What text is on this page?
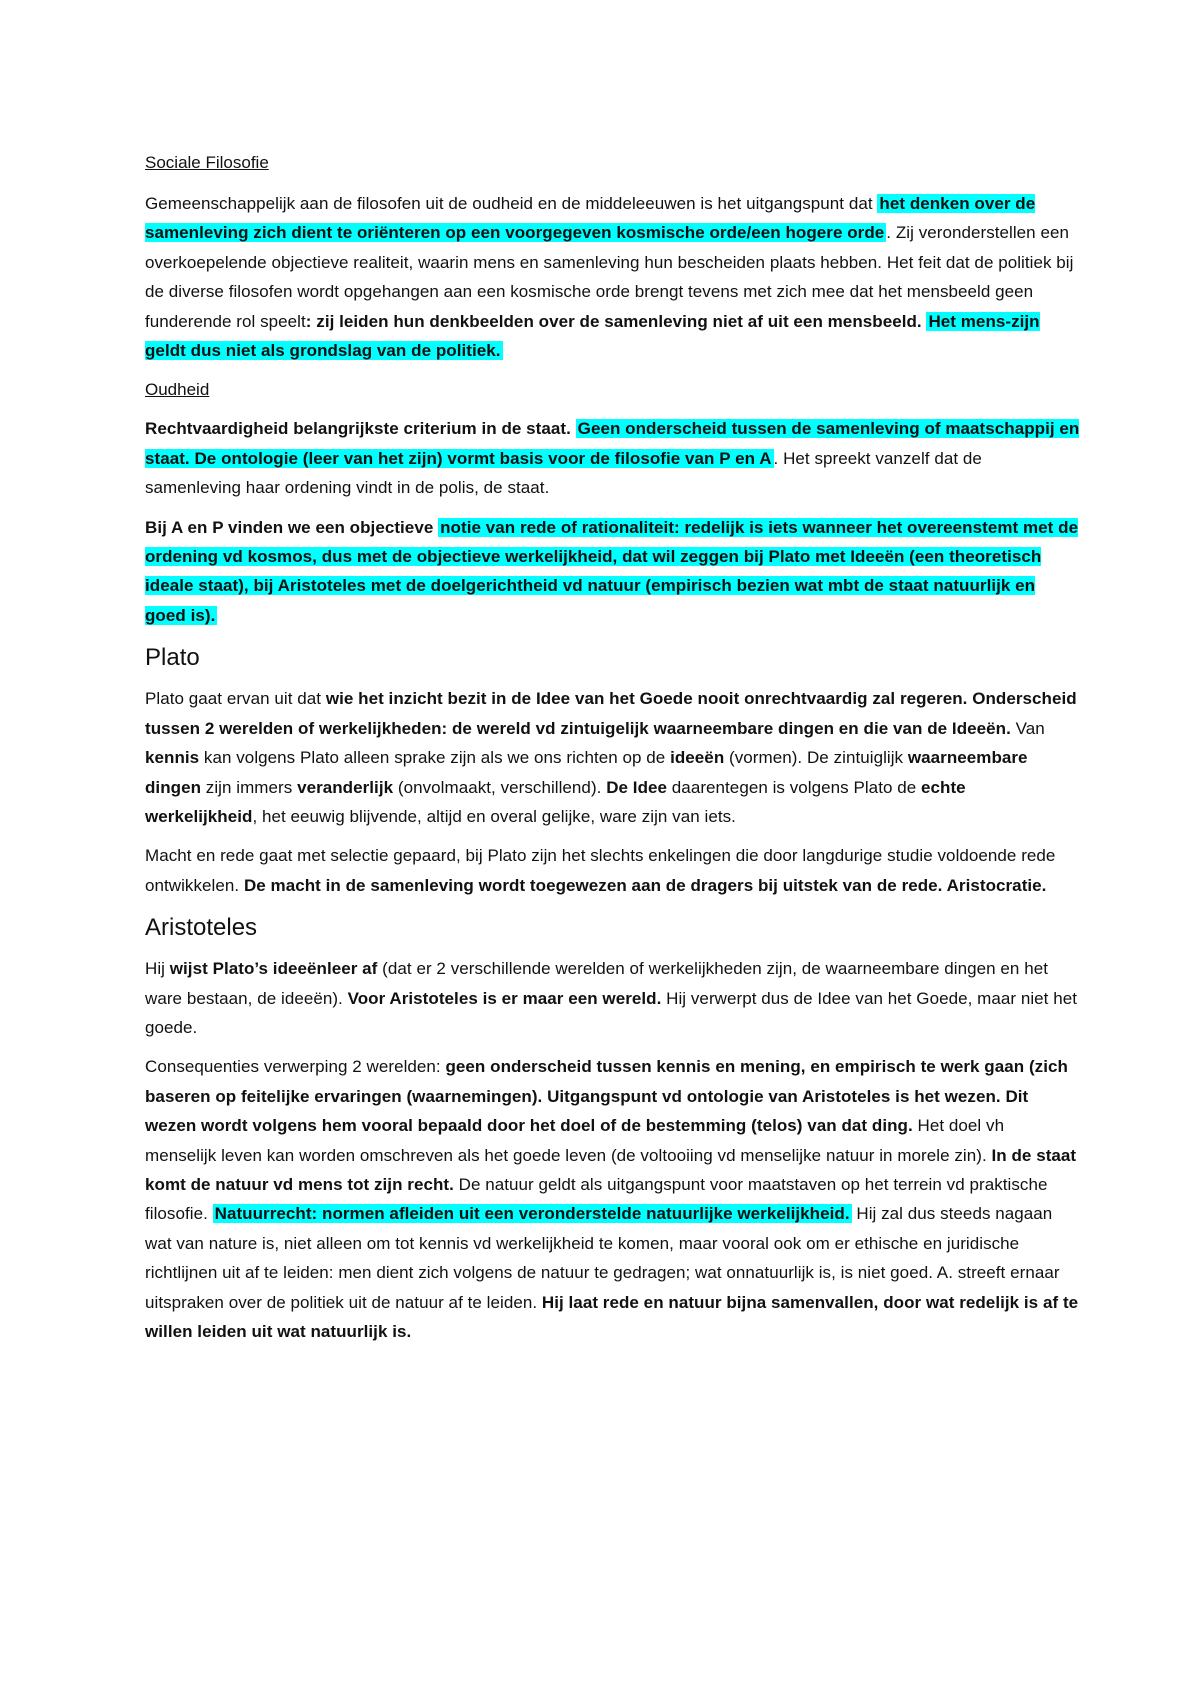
Sociale Filosofie

Gemeenschappelijk aan de filosofen uit de oudheid en de middeleeuwen is het uitgangspunt dat het denken over de samenleving zich dient te oriënteren op een voorgegeven kosmische orde/een hogere orde . Zij veronderstellen een overkoepelende objectieve realiteit, waarin mens en samenleving hun bescheiden plaats hebben. Het feit dat de politiek bij de diverse filosofen wordt opgehangen aan een kosmische orde brengt tevens met zich mee dat het mensbeeld geen funderende rol speelt: zij leiden hun denkbeelden over de samenleving niet af uit een mensbeeld. Het mens-zijn geldt dus niet als grondslag van de politiek.

Oudheid

Rechtvaardigheid belangrijkste criterium in de staat. Geen onderscheid tussen de samenleving of maatschappij en staat. De ontologie (leer van het zijn) vormt basis voor de filosofie van P en A . Het spreekt vanzelf dat de samenleving haar ordening vindt in de polis, de staat.

Bij A en P vinden we een objectieve notie van rede of rationaliteit: redelijk is iets wanneer het overeenstemt met de ordening vd kosmos, dus met de objectieve werkelijkheid, dat wil zeggen bij Plato met Ideeën (een theoretisch ideale staat), bij Aristoteles met de doelgerichtheid vd natuur (empirisch bezien wat mbt de staat natuurlijk en goed is).

Plato

Plato gaat ervan uit dat wie het inzicht bezit in de Idee van het Goede nooit onrechtvaardig zal regeren. Onderscheid tussen 2 werelden of werkelijkheden: de wereld vd zintuigelijk waarneembare dingen en die van de Ideeën. Van kennis kan volgens Plato alleen sprake zijn als we ons richten op de ideeën (vormen). De zintuiglijk waarneembare dingen zijn immers veranderlijk (onvolmaakt, verschillend). De Idee daarentegen is volgens Plato de echte werkelijkheid, het eeuwig blijvende, altijd en overal gelijke, ware zijn van iets.

Macht en rede gaat met selectie gepaard, bij Plato zijn het slechts enkelingen die door langdurige studie voldoende rede ontwikkelen. De macht in de samenleving wordt toegewezen aan de dragers bij uitstek van de rede. Aristocratie.

Aristoteles

Hij wijst Plato’s ideeënleer af (dat er 2 verschillende werelden of werkelijkheden zijn, de waarneembare dingen en het ware bestaan, de ideeën). Voor Aristoteles is er maar een wereld. Hij verwerpt dus de Idee van het Goede, maar niet het goede.

Consequenties verwerping 2 werelden: geen onderscheid tussen kennis en mening, en empirisch te werk gaan (zich baseren op feitelijke ervaringen (waarnemingen). Uitgangspunt vd ontologie van Aristoteles is het wezen. Dit wezen wordt volgens hem vooral bepaald door het doel of de bestemming (telos) van dat ding. Het doel vh menselijk leven kan worden omschreven als het goede leven (de voltooiing vd menselijke natuur in morele zin). In de staat komt de natuur vd mens tot zijn recht. De natuur geldt als uitgangspunt voor maatstaven op het terrein vd praktische filosofie. Natuurrecht: normen afleiden uit een veronderstelde natuurlijke werkelijkheid. Hij zal dus steeds nagaan wat van nature is, niet alleen om tot kennis vd werkelijkheid te komen, maar vooral ook om er ethische en juridische richtlijnen uit af te leiden: men dient zich volgens de natuur te gedragen; wat onnatuurlijk is, is niet goed. A. streeft ernaar uitspraken over de politiek uit de natuur af te leiden. Hij laat rede en natuur bijna samenvallen, door wat redelijk is af te willen leiden uit wat natuurlijk is.
